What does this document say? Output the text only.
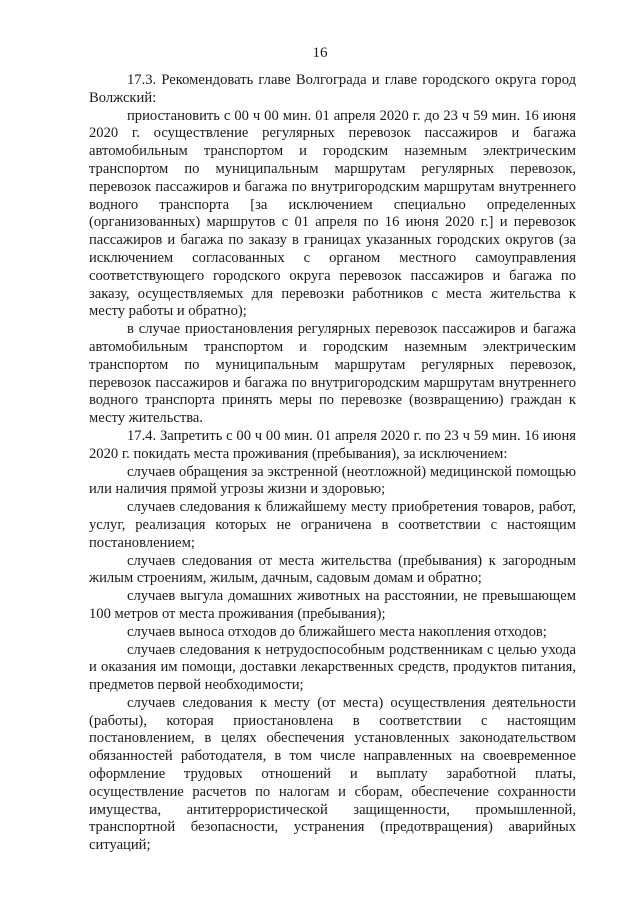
16

17.3. Рекомендовать главе Волгограда и главе городского округа город Волжский:

приостановить с 00 ч 00 мин. 01 апреля 2020 г. до 23 ч 59 мин. 16 июня 2020 г. осуществление регулярных перевозок пассажиров и багажа автомобильным транспортом и городским наземным электрическим транспортом по муниципальным маршрутам регулярных перевозок, перевозок пассажиров и багажа по внутригородским маршрутам внутреннего водного транспорта [за исключением специально определенных (организованных) маршрутов с 01 апреля по 16 июня 2020 г.] и перевозок пассажиров и багажа по заказу в границах указанных городских округов (за исключением согласованных с органом местного самоуправления соответствующего городского округа перевозок пассажиров и багажа по заказу, осуществляемых для перевозки работников с места жительства к месту работы и обратно);

в случае приостановления регулярных перевозок пассажиров и багажа автомобильным транспортом и городским наземным электрическим транспортом по муниципальным маршрутам регулярных перевозок, перевозок пассажиров и багажа по внутригородским маршрутам внутреннего водного транспорта принять меры по перевозке (возвращению) граждан к месту жительства.

17.4. Запретить с 00 ч 00 мин. 01 апреля 2020 г. по 23 ч 59 мин. 16 июня 2020 г. покидать места проживания (пребывания), за исключением:

случаев обращения за экстренной (неотложной) медицинской помощью или наличия прямой угрозы жизни и здоровью;

случаев следования к ближайшему месту приобретения товаров, работ, услуг, реализация которых не ограничена в соответствии с настоящим постановлением;

случаев следования от места жительства (пребывания) к загородным жилым строениям, жилым, дачным, садовым домам и обратно;

случаев выгула домашних животных на расстоянии, не превышающем 100 метров от места проживания (пребывания);

случаев выноса отходов до ближайшего места накопления отходов;

случаев следования к нетрудоспособным родственникам с целью ухода и оказания им помощи, доставки лекарственных средств, продуктов питания, предметов первой необходимости;

случаев следования к месту (от места) осуществления деятельности (работы), которая приостановлена в соответствии с настоящим постановлением, в целях обеспечения установленных законодательством обязанностей работодателя, в том числе направленных на своевременное оформление трудовых отношений и выплату заработной платы, осуществление расчетов по налогам и сборам, обеспечение сохранности имущества, антитеррористической защищенности, промышленной, транспортной безопасности, устранения (предотвращения) аварийных ситуаций;
